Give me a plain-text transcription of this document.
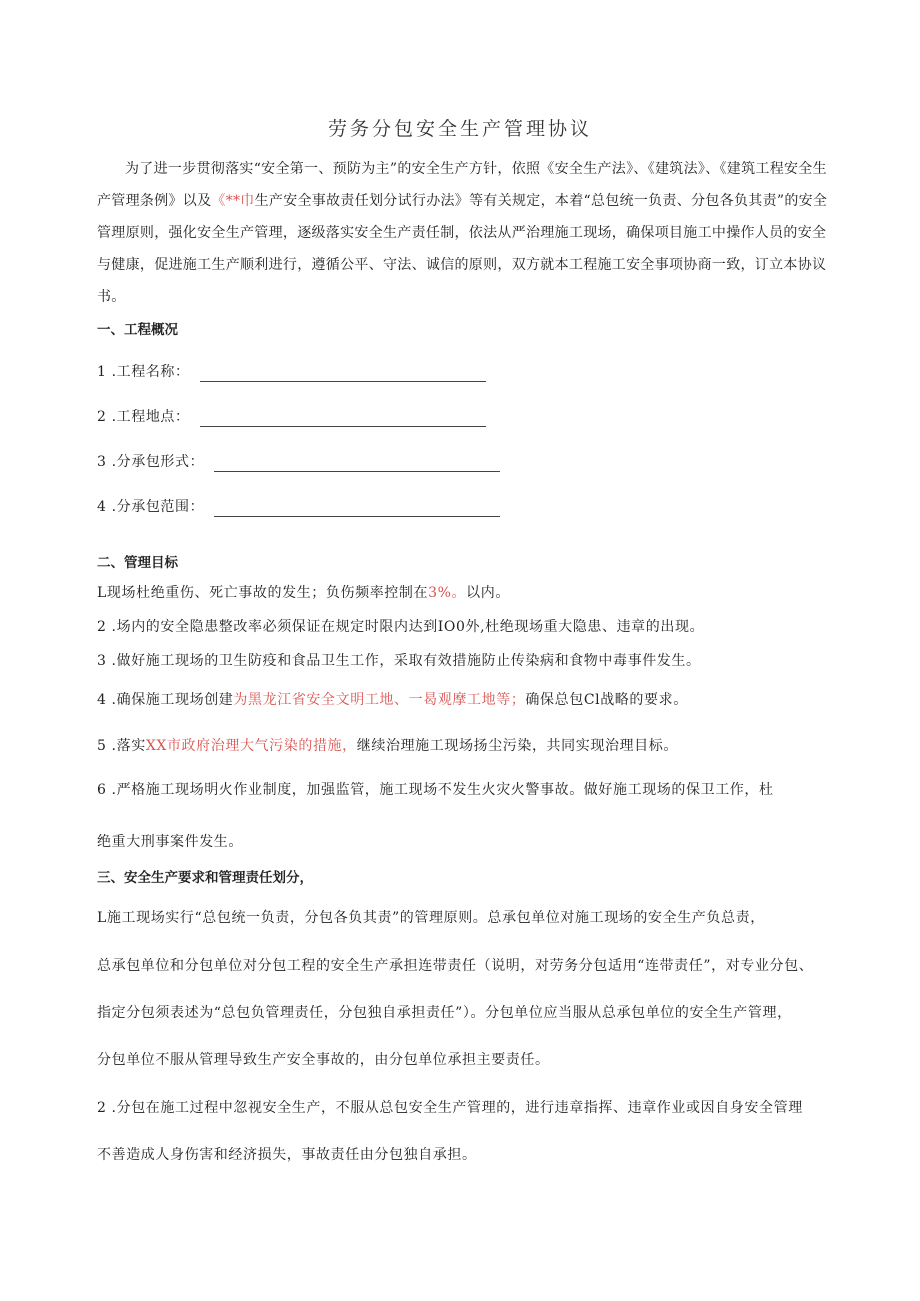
劳务分包安全生产管理协议
为了进一步贯彻落实“安全第一、预防为主”的安全生产方针，依照《安全生产法》、《建筑法》、《建筑工程安全生产管理条例》以及《**巾生产安全事故责任划分试行办法》等有关规定，本着“总包统一负责、分包各负其责”的安全管理原则，强化安全生产管理，逐级落实安全生产责任制，依法从严治理施工现场，确保项目施工中操作人员的安全与健康，促进施工生产顺利进行，遵循公平、守法、诚信的原则，双方就本工程施工安全事项协商一致，订立本协议书。
一、工程概况
1 .工程名称：
2 .工程地点：
3 .分承包形式：
4 .分承包范围：
二、管理目标
L现场杜绝重伤、死亡事故的发生；负伤频率控制在3%。以内。
2 .场内的安全隐患整改率必须保证在规定时限内达到IO0外,杜绝现场重大隐患、违章的出现。
3 .做好施工现场的卫生防疫和食品卫生工作，采取有效措施防止传染病和食物中毒事件发生。
4 .确保施工现场创建为黑龙江省安全文明工地、一曷观摩工地等；确保总包Cl战略的要求。
5 .落实XX市政府治理大气污染的措施，继续治理施工现场扬尘污染，共同实现治理目标。
6 .严格施工现场明火作业制度，加强监管，施工现场不发生火灾火警事故。做好施工现场的保卫工作，杜
绝重大刑事案件发生。
三、安全生产要求和管理责任划分，
L施工现场实行“总包统一负责，分包各负其责”的管理原则。总承包单位对施工现场的安全生产负总责，
总承包单位和分包单位对分包工程的安全生产承担连带责任（说明，对劳务分包适用“连带责任”，对专业分包、
指定分包须表述为“总包负管理责任，分包独自承担责任”）。分包单位应当服从总承包单位的安全生产管理，
分包单位不服从管理导致生产安全事故的，由分包单位承担主要责任。
2 .分包在施工过程中忽视安全生产，不服从总包安全生产管理的，进行违章指挥、违章作业或因自身安全管理
不善造成人身伤害和经济损失，事故责任由分包独自承担。
